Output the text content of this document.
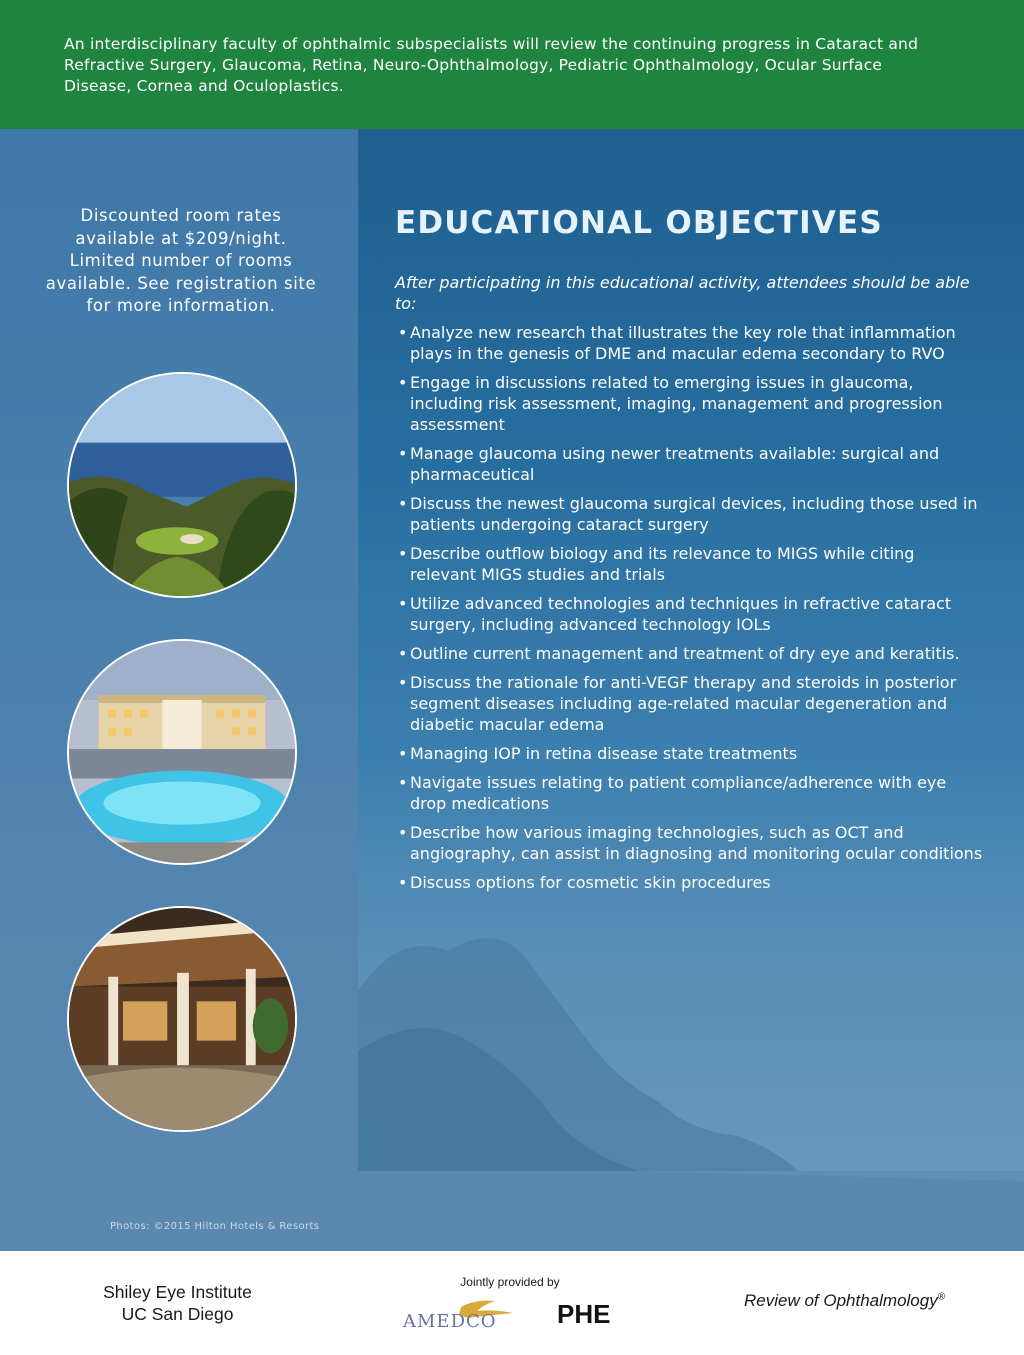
An interdisciplinary faculty of ophthalmic subspecialists will review the continuing progress in Cataract and Refractive Surgery, Glaucoma, Retina, Neuro-Ophthalmology, Pediatric Ophthalmology, Ocular Surface Disease, Cornea and Oculoplastics.

Discounted room rates available at $209/night. Limited number of rooms available. See registration site for more information.

Photos: ©2015 Hilton Hotels & Resorts

EDUCATIONAL OBJECTIVES

After participating in this educational activity, attendees should be able to:

• Analyze new research that illustrates the key role that inflammation plays in the genesis of DME and macular edema secondary to RVO
• Engage in discussions related to emerging issues in glaucoma, including risk assessment, imaging, management and progression assessment
• Manage glaucoma using newer treatments available: surgical and pharmaceutical
• Discuss the newest glaucoma surgical devices, including those used in patients undergoing cataract surgery
• Describe outflow biology and its relevance to MIGS while citing relevant MIGS studies and trials
• Utilize advanced technologies and techniques in refractive cataract surgery, including advanced technology IOLs
• Outline current management and treatment of dry eye and keratitis.
• Discuss the rationale for anti-VEGF therapy and steroids in posterior segment diseases including age-related macular degeneration and diabetic macular edema
• Managing IOP in retina disease state treatments
• Navigate issues relating to patient compliance/adherence with eye drop medications
• Describe how various imaging technologies, such as OCT and angiography, can assist in diagnosing and monitoring ocular conditions
• Discuss options for cosmetic skin procedures
Shiley Eye Institute
UC San Diego
Jointly provided by
AMEDCO PHE	Review of Ophthalmology®
